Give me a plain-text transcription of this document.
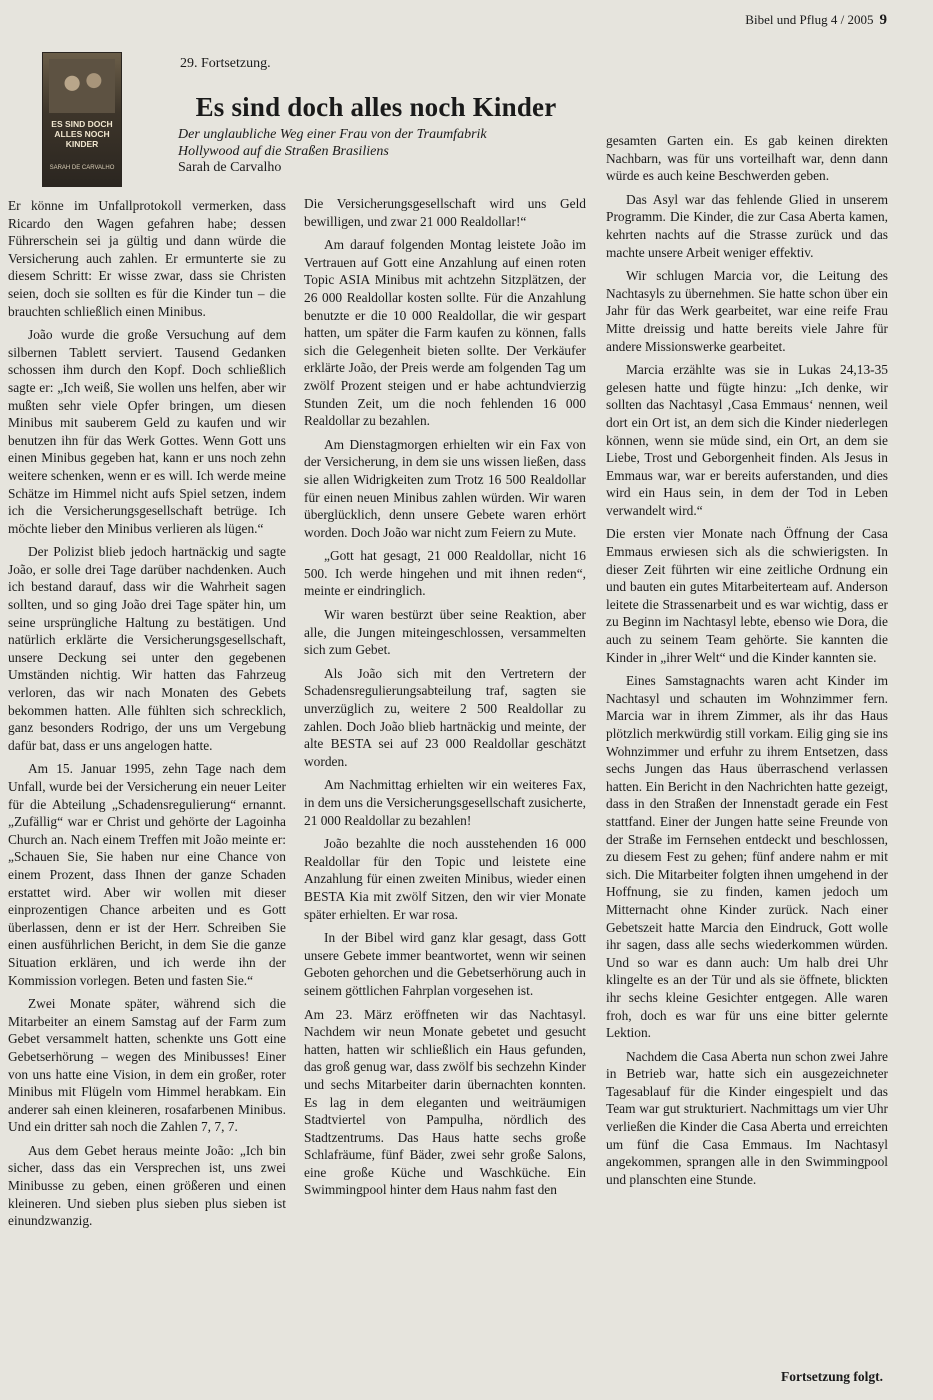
Bibel und Pflug 4 / 2005 9
ES SIND DOCH ALLES NOCH KINDER
SARAH DE CARVALHO
29. Fortsetzung.
Es sind doch alles noch Kinder
Der unglaubliche Weg einer Frau von der Traumfabrik
Hollywood auf die Straßen Brasiliens
Sarah de Carvalho

Er könne im Unfallprotokoll vermerken, dass Ricardo den Wagen gefahren habe; dessen Führerschein sei ja gültig und dann würde die Versicherung auch zahlen. Er ermunterte sie zu diesem Schritt: Er wisse zwar, dass sie Christen seien, doch sie sollten es für die Kinder tun – die brauchten schließlich einen Minibus.

João wurde die große Versuchung auf dem silbernen Tablett serviert. Tausend Gedanken schossen ihm durch den Kopf. Doch schließlich sagte er: „Ich weiß, Sie wollen uns helfen, aber wir mußten sehr viele Opfer bringen, um diesen Minibus mit sauberem Geld zu kaufen und wir benutzen ihn für das Werk Gottes. Wenn Gott uns einen Minibus gegeben hat, kann er uns noch zehn weitere schenken, wenn er es will. Ich werde meine Schätze im Himmel nicht aufs Spiel setzen, indem ich die Versicherungsgesellschaft betrüge. Ich möchte lieber den Minibus verlieren als lügen.“

Der Polizist blieb jedoch hartnäckig und sagte João, er solle drei Tage darüber nachdenken. Auch ich bestand darauf, dass wir die Wahrheit sagen sollten, und so ging João drei Tage später hin, um seine ursprüngliche Haltung zu bestätigen. Und natürlich erklärte die Versicherungsgesellschaft, unsere Deckung sei unter den gegebenen Umständen nichtig. Wir hatten das Fahrzeug verloren, das wir nach Monaten des Gebets bekommen hatten. Alle fühlten sich schrecklich, ganz besonders Rodrigo, der uns um Vergebung dafür bat, dass er uns angelogen hatte.

Am 15. Januar 1995, zehn Tage nach dem Unfall, wurde bei der Versicherung ein neuer Leiter für die Abteilung „Schadensregulierung“ ernannt. „Zufällig“ war er Christ und gehörte der Lagoinha Church an. Nach einem Treffen mit João meinte er: „Schauen Sie, Sie haben nur eine Chance von einem Prozent, dass Ihnen der ganze Schaden erstattet wird. Aber wir wollen mit dieser einprozentigen Chance arbeiten und es Gott überlassen, denn er ist der Herr. Schreiben Sie einen ausführlichen Bericht, in dem Sie die ganze Situation erklären, und ich werde ihn der Kommission vorlegen. Beten und fasten Sie.“

Zwei Monate später, während sich die Mitarbeiter an einem Samstag auf der Farm zum Gebet versammelt hatten, schenkte uns Gott eine Gebetserhörung – wegen des Minibusses! Einer von uns hatte eine Vision, in dem ein großer, roter Minibus mit Flügeln vom Himmel herabkam. Ein anderer sah einen kleineren, rosafarbenen Minibus. Und ein dritter sah noch die Zahlen 7, 7, 7.

Aus dem Gebet heraus meinte João: „Ich bin sicher, dass das ein Versprechen ist, uns zwei Minibusse zu geben, einen größeren und einen kleineren. Und sieben plus sieben plus sieben ist einundzwanzig.

Die Versicherungsgesellschaft wird uns Geld bewilligen, und zwar 21 000 Realdollar!“

Am darauf folgenden Montag leistete João im Vertrauen auf Gott eine Anzahlung auf einen roten Topic ASIA Minibus mit achtzehn Sitzplätzen, der 26 000 Realdollar kosten sollte. Für die Anzahlung benutzte er die 10 000 Realdollar, die wir gespart hatten, um später die Farm kaufen zu können, falls sich die Gelegenheit bieten sollte. Der Verkäufer erklärte João, der Preis werde am folgenden Tag um zwölf Prozent steigen und er habe achtundvierzig Stunden Zeit, um die noch fehlenden 16 000 Realdollar zu bezahlen.

Am Dienstagmorgen erhielten wir ein Fax von der Versicherung, in dem sie uns wissen ließen, dass sie allen Widrigkeiten zum Trotz 16 500 Realdollar für einen neuen Minibus zahlen würden. Wir waren überglücklich, denn unsere Gebete waren erhört worden. Doch João war nicht zum Feiern zu Mute.

„Gott hat gesagt, 21 000 Realdollar, nicht 16 500. Ich werde hingehen und mit ihnen reden“, meinte er eindringlich.

Wir waren bestürzt über seine Reaktion, aber alle, die Jungen miteingeschlossen, versammelten sich zum Gebet.

Als João sich mit den Vertretern der Schadensregulierungsabteilung traf, sagten sie unverzüglich zu, weitere 2 500 Realdollar zu zahlen. Doch João blieb hartnäckig und meinte, der alte BESTA sei auf 23 000 Realdollar geschätzt worden.

Am Nachmittag erhielten wir ein weiteres Fax, in dem uns die Versicherungsgesellschaft zusicherte, 21 000 Realdollar zu bezahlen!

João bezahlte die noch ausstehenden 16 000 Realdollar für den Topic und leistete eine Anzahlung für einen zweiten Minibus, wieder einen BESTA Kia mit zwölf Sitzen, den wir vier Monate später erhielten. Er war rosa.

In der Bibel wird ganz klar gesagt, dass Gott unsere Gebete immer beantwortet, wenn wir seinen Geboten gehorchen und die Gebetserhörung auch in seinem göttlichen Fahrplan vorgesehen ist.

Am 23. März eröffneten wir das Nachtasyl. Nachdem wir neun Monate gebetet und gesucht hatten, hatten wir schließlich ein Haus gefunden, das groß genug war, dass zwölf bis sechzehn Kinder und sechs Mitarbeiter darin übernachten konnten. Es lag in dem eleganten und weiträumigen Stadtviertel von Pampulha, nördlich des Stadtzentrums. Das Haus hatte sechs große Schlafräume, fünf Bäder, zwei sehr große Salons, eine große Küche und Waschküche. Ein Swimmingpool hinter dem Haus nahm fast den

gesamten Garten ein. Es gab keinen direkten Nachbarn, was für uns vorteilhaft war, denn dann würde es auch keine Beschwerden geben.

Das Asyl war das fehlende Glied in unserem Programm. Die Kinder, die zur Casa Aberta kamen, kehrten nachts auf die Strasse zurück und das machte unsere Arbeit weniger effektiv.

Wir schlugen Marcia vor, die Leitung des Nachtasyls zu übernehmen. Sie hatte schon über ein Jahr für das Werk gearbeitet, war eine reife Frau Mitte dreissig und hatte bereits viele Jahre für andere Missionswerke gearbeitet.

Marcia erzählte was sie in Lukas 24,13-35 gelesen hatte und fügte hinzu: „Ich denke, wir sollten das Nachtasyl ‚Casa Emmaus‘ nennen, weil dort ein Ort ist, an dem sich die Kinder niederlegen können, wenn sie müde sind, ein Ort, an dem sie Liebe, Trost und Geborgenheit finden. Als Jesus in Emmaus war, war er bereits auferstanden, und dies wird ein Haus sein, in dem der Tod in Leben verwandelt wird.“

Die ersten vier Monate nach Öffnung der Casa Emmaus erwiesen sich als die schwierigsten. In dieser Zeit führten wir eine zeitliche Ordnung ein und bauten ein gutes Mitarbeiterteam auf. Anderson leitete die Strassenarbeit und es war wichtig, dass er zu Beginn im Nachtasyl lebte, ebenso wie Dora, die auch zu seinem Team gehörte. Sie kannten die Kinder in „ihrer Welt“ und die Kinder kannten sie.

Eines Samstagnachts waren acht Kinder im Nachtasyl und schauten im Wohnzimmer fern. Marcia war in ihrem Zimmer, als ihr das Haus plötzlich merkwürdig still vorkam. Eilig ging sie ins Wohnzimmer und erfuhr zu ihrem Entsetzen, dass sechs Jungen das Haus überraschend verlassen hatten. Ein Bericht in den Nachrichten hatte gezeigt, dass in den Straßen der Innenstadt gerade ein Fest stattfand. Einer der Jungen hatte seine Freunde von der Straße im Fernsehen entdeckt und beschlossen, zu diesem Fest zu gehen; fünf andere nahm er mit sich. Die Mitarbeiter folgten ihnen umgehend in der Hoffnung, sie zu finden, kamen jedoch um Mitternacht ohne Kinder zurück. Nach einer Gebetszeit hatte Marcia den Eindruck, Gott wolle ihr sagen, dass alle sechs wiederkommen würden. Und so war es dann auch: Um halb drei Uhr klingelte es an der Tür und als sie öffnete, blickten ihr sechs kleine Gesichter entgegen. Alle waren froh, doch es war für uns eine bitter gelernte Lektion.

Nachdem die Casa Aberta nun schon zwei Jahre in Betrieb war, hatte sich ein ausgezeichneter Tagesablauf für die Kinder eingespielt und das Team war gut strukturiert. Nachmittags um vier Uhr verließen die Kinder die Casa Aberta und erreichten um fünf die Casa Emmaus. Im Nachtasyl angekommen, sprangen alle in den Swimmingpool und planschten eine Stunde.

Fortsetzung folgt.
